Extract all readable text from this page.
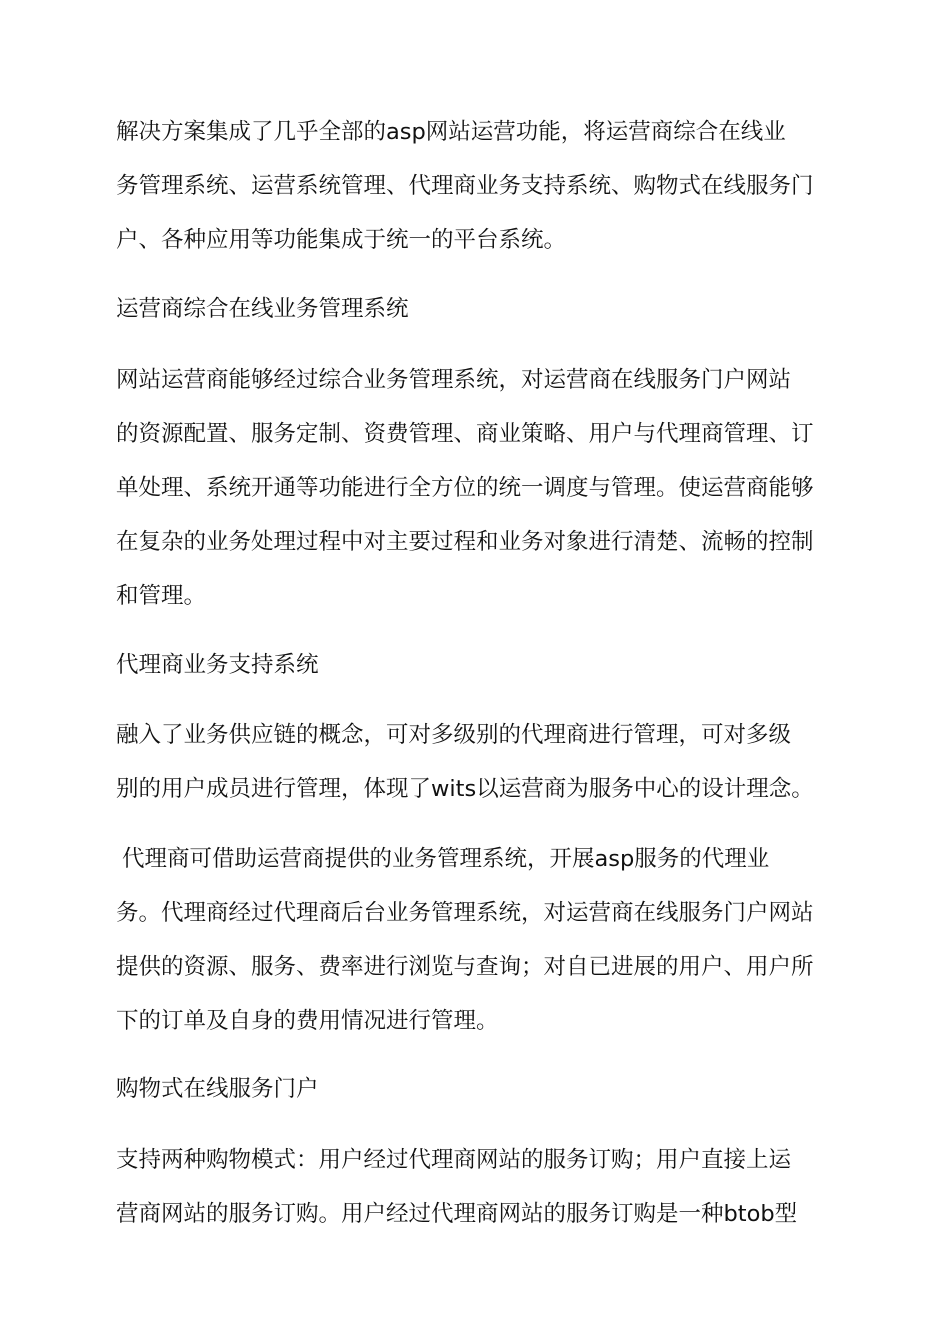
解决方案集成了几乎全部的asp网站运营功能，将运营商综合在线业
务管理系统、运营系统管理、代理商业务支持系统、购物式在线服务门
户、各种应用等功能集成于统一的平台系统。
运营商综合在线业务管理系统
网站运营商能够经过综合业务管理系统，对运营商在线服务门户网站
的资源配置、服务定制、资费管理、商业策略、用户与代理商管理、订
单处理、系统开通等功能进行全方位的统一调度与管理。使运营商能够
在复杂的业务处理过程中对主要过程和业务对象进行清楚、流畅的控制
和管理。
代理商业务支持系统
融入了业务供应链的概念，可对多级别的代理商进行管理，可对多级
别的用户成员进行管理，体现了wits以运营商为服务中心的设计理念。
代理商可借助运营商提供的业务管理系统，开展asp服务的代理业
务。代理商经过代理商后台业务管理系统，对运营商在线服务门户网站
提供的资源、服务、费率进行浏览与查询；对自已进展的用户、用户所
下的订单及自身的费用情况进行管理。
购物式在线服务门户
支持两种购物模式：用户经过代理商网站的服务订购；用户直接上运
营商网站的服务订购。用户经过代理商网站的服务订购是一种btob型
